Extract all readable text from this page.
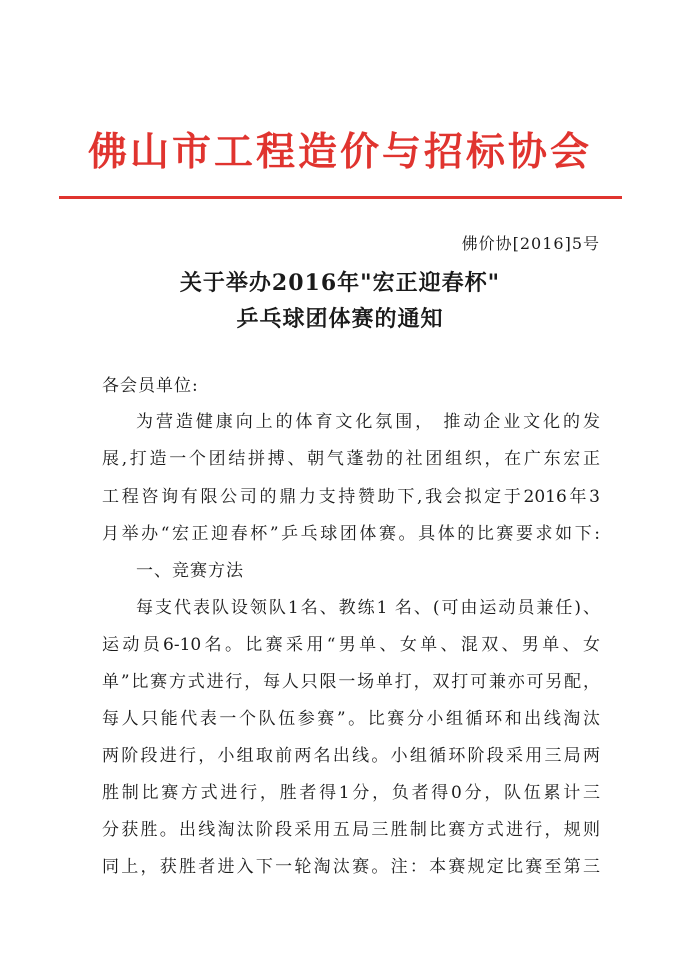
佛山市工程造价与招标协会
佛价协[2016]5号
关于举办2016年"宏正迎春杯"
乒乓球团体赛的通知
各会员单位:
为营造健康向上的体育文化氛围， 推动企业文化的发
展,打造一个团结拼搏、朝气蓬勃的社团组织，在广东宏正
工程咨询有限公司的鼎力支持赞助下,我会拟定于2016年3
月举办“宏正迎春杯”乒乓球团体赛。具体的比赛要求如下:
一、竞赛方法
每支代表队设领队1名、教练1 名、(可由运动员兼任)、
运动员6-10名。比赛采用“男单、女单、混双、男单、女
单”比赛方式进行，每人只限一场单打，双打可兼亦可另配，
每人只能代表一个队伍参赛”。比赛分小组循环和出线淘汰
两阶段进行，小组取前两名出线。小组循环阶段采用三局两
胜制比赛方式进行，胜者得1分，负者得0分，队伍累计三
分获胜。出线淘汰阶段采用五局三胜制比赛方式进行，规则
同上，获胜者进入下一轮淘汰赛。注：本赛规定比赛至第三
